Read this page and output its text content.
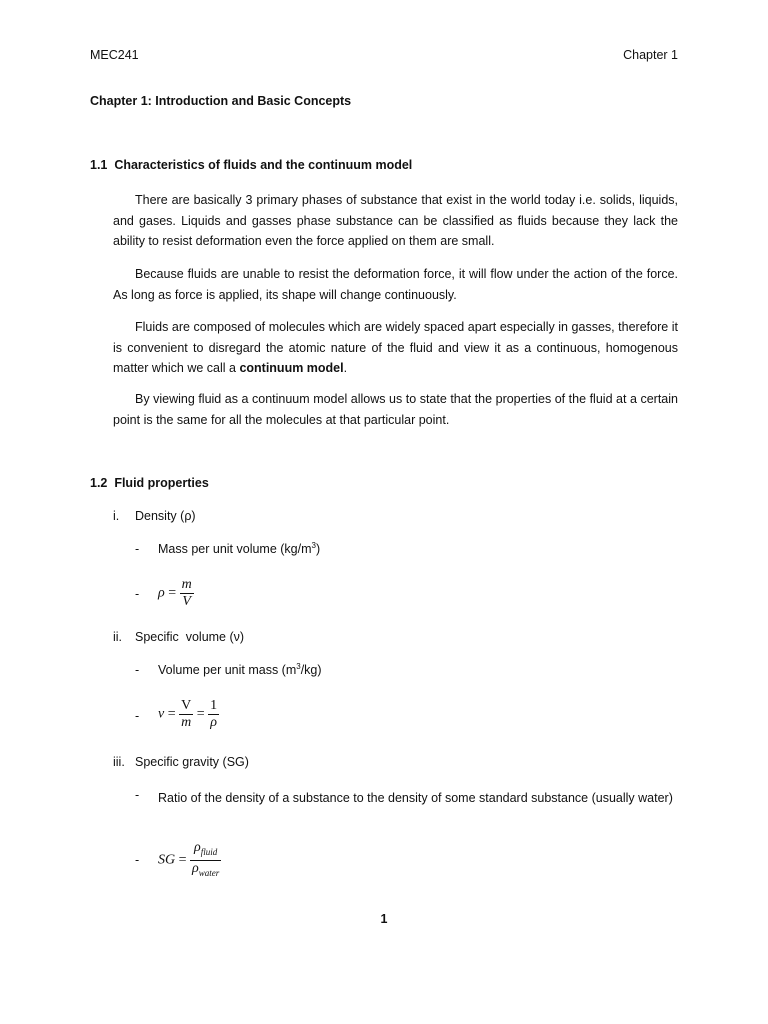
MEC241	Chapter 1
Chapter 1: Introduction and Basic Concepts
1.1  Characteristics of fluids and the continuum model
There are basically 3 primary phases of substance that exist in the world today i.e. solids, liquids, and gases. Liquids and gasses phase substance can be classified as fluids because they lack the ability to resist deformation even the force applied on them are small.
Because fluids are unable to resist the deformation force, it will flow under the action of the force. As long as force is applied, its shape will change continuously.
Fluids are composed of molecules which are widely spaced apart especially in gasses, therefore it is convenient to disregard the atomic nature of the fluid and view it as a continuous, homogenous matter which we call a continuum model.
By viewing fluid as a continuum model allows us to state that the properties of the fluid at a certain point is the same for all the molecules at that particular point.
1.2  Fluid properties
i. Density (ρ)
- Mass per unit volume $(kg/m^3)$
- $\rho = \frac{m}{V}$
ii. Specific  volume (ν)
- Volume per unit mass $(m^3/kg)$
- $\nu = \frac{V}{m} = \frac{1}{\rho}$
iii. Specific gravity (SG)
- Ratio of the density of a substance to the density of some standard substance (usually water)
- SG = $\frac{\rho_{fluid}}{\rho_{water}}$
1
